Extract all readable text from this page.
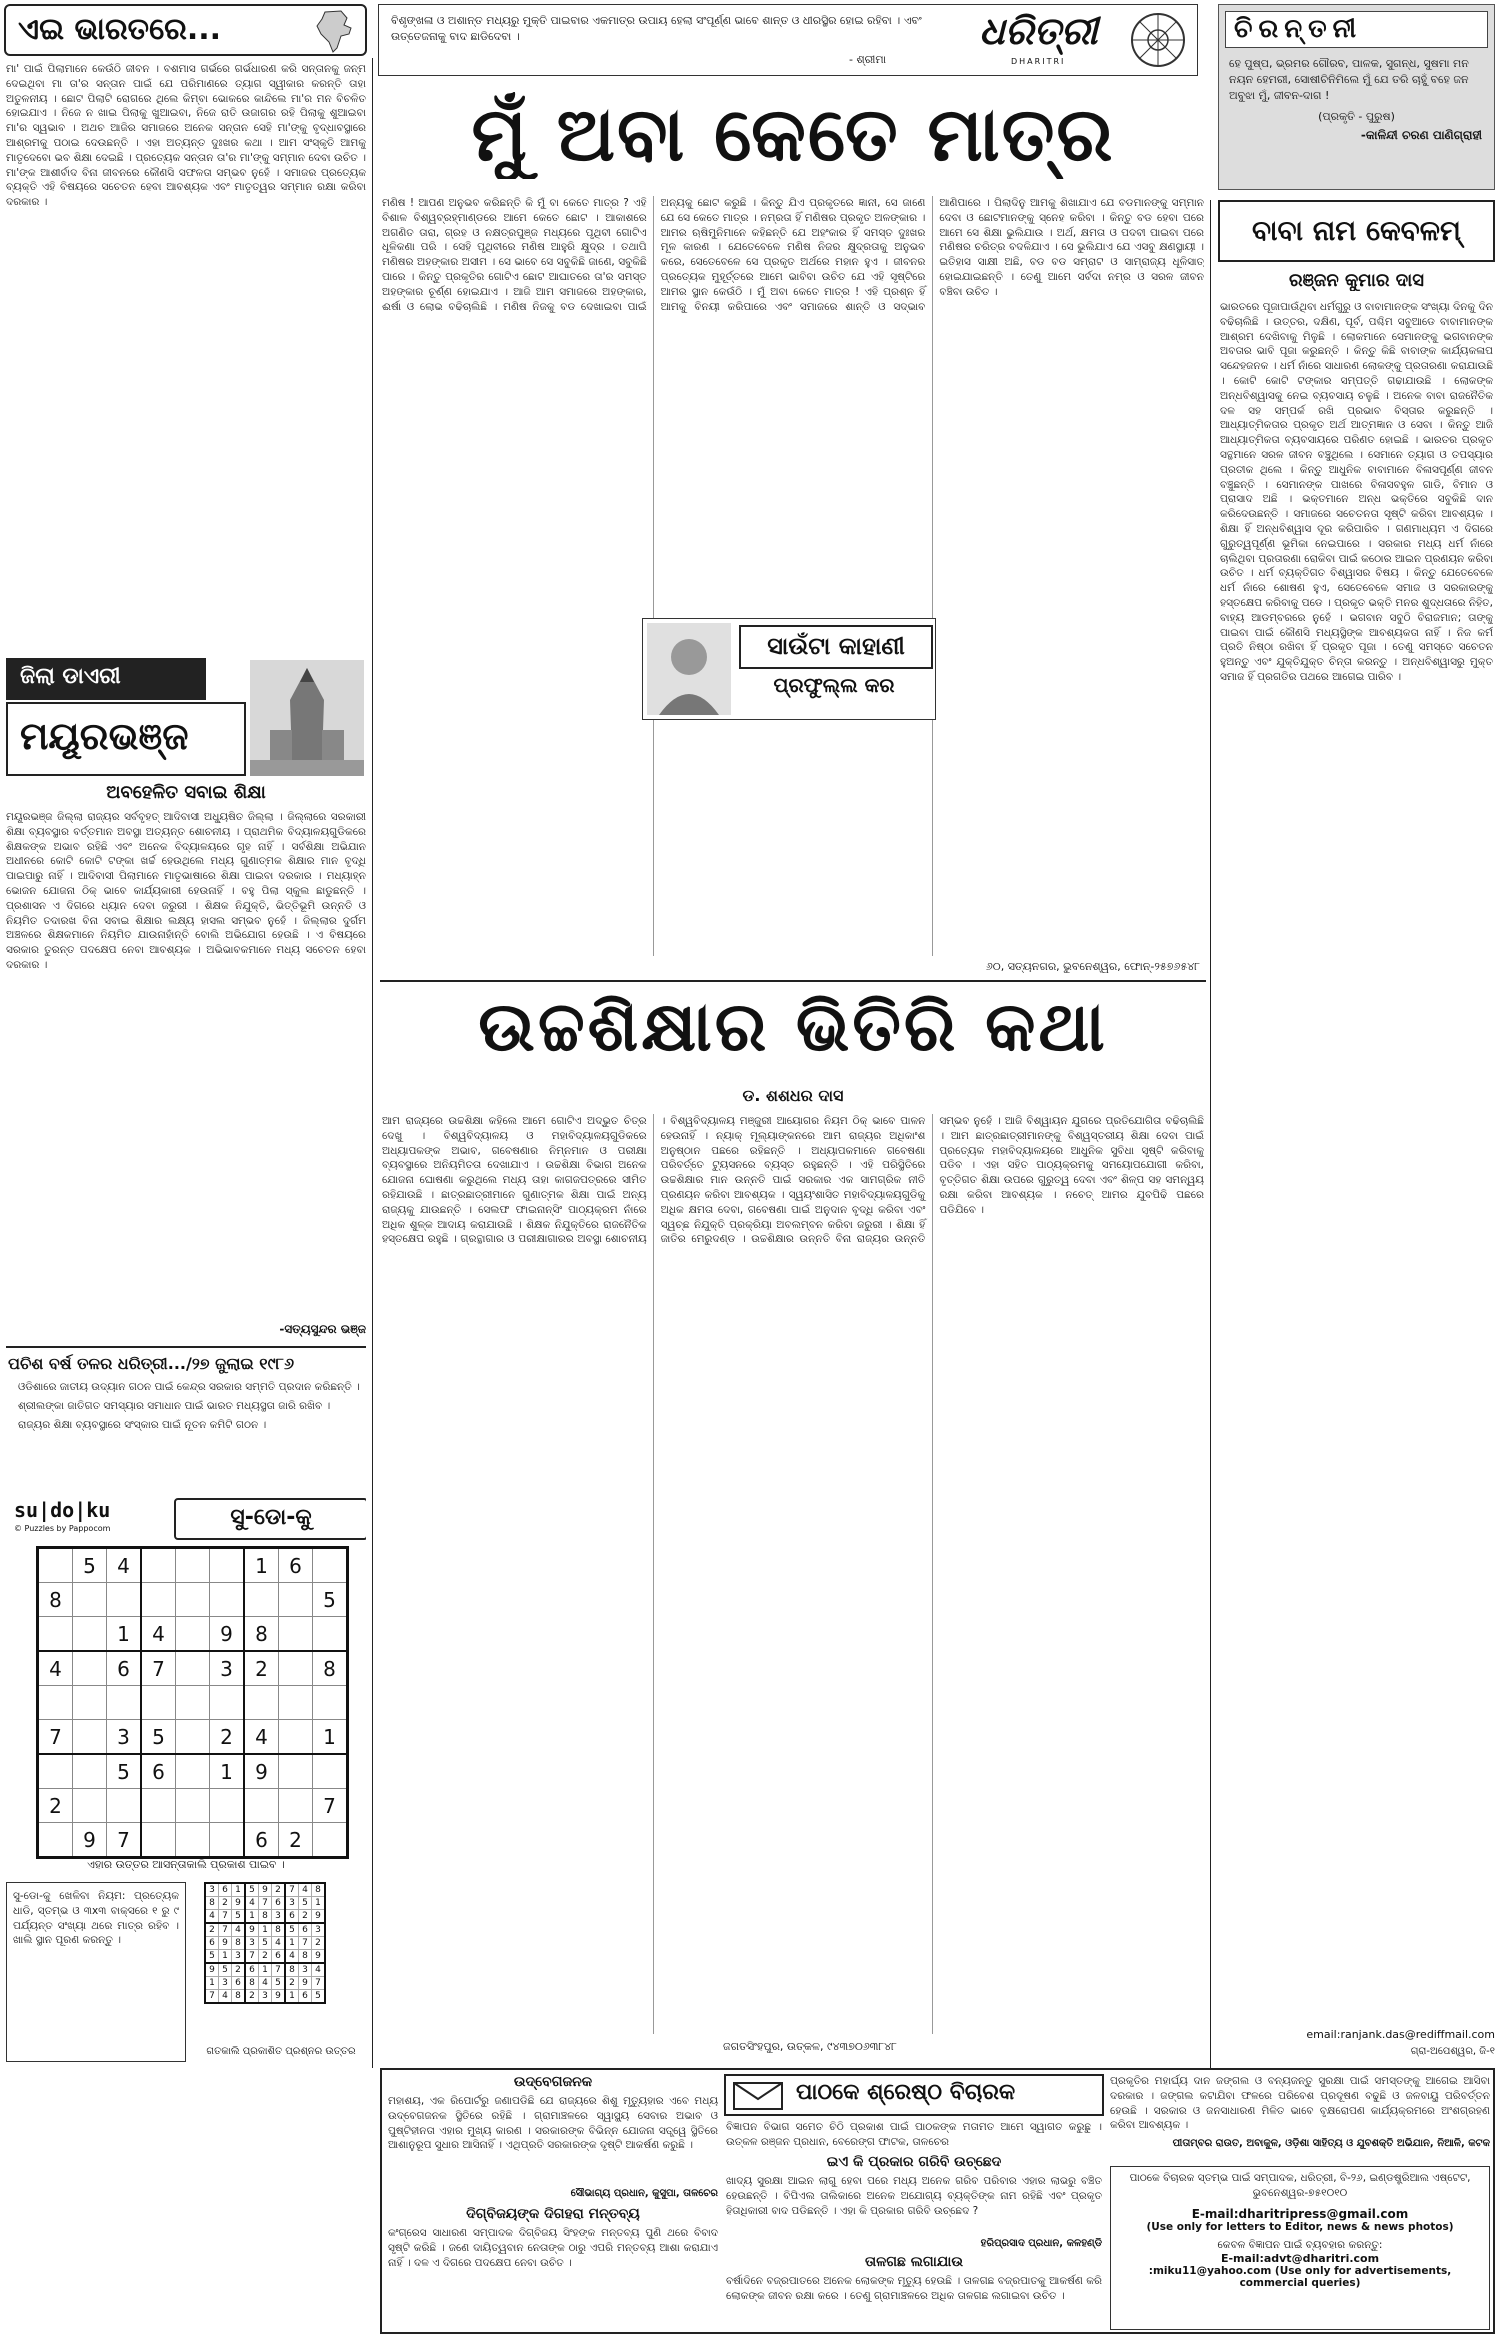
ଏଇ ଭାରତରେ...	ବିଶୃଙ୍ଖଳା ଓ ଅଶାନ୍ତ ମଧ୍ୟରୁ ମୁକ୍ତି ପାଇବାର ଏକମାତ୍ର ଉପାୟ ହେଲା ସଂପୂର୍ଣ୍ଣ ଭାବେ ଶାନ୍ତ ଓ ଧୀରସ୍ଥିର ହୋଇ ରହିବା । ଏବଂ ଉତ୍ତେଜନାକୁ ବାଦ ଛାଡିଦେବା ।
- ଶ୍ରୀମା
ଧରିତ୍ରୀ
DHARITRI
ଚିରନ୍ତନୀ
ହେ ପୁଷ୍ପ, ଭ୍ରମର ଗୌରବ, ପାଳକ, ସୁଗନ୍ଧ, ସୁଷମା ମନ ନୟନ ହେମରୀ, ସୋଷୀଚିନିମିଲେ ମୁଁ ଯେ ତରି ଚାହୁଁ ବହେ ଜନ ଅବୁଝା ମୁଁ, ଜୀବନ-ଦାଗ !
(ପ୍ରକୃତି - ପୁରୁଷ)
-କାଳିନ୍ଦୀ ଚରଣ ପାଣିଗ୍ରାହୀ
ମା' ପାଇଁ ପିଲାମାନେ କେଉଁଠି ଜୀବନ । ବଶମାସ ଗର୍ଭରେ ଗର୍ଭଧାରଣ କରି ସନ୍ତାନକୁ ଜନ୍ମ ଦେଇଥିବା ମା ତା'ର ସନ୍ତାନ ପାଇଁ ଯେ ପରିମାଣରେ ତ୍ୟାଗ ସ୍ୱୀକାର କରନ୍ତି ତାହା ଅତୁଳନୀୟ । ଛୋଟ ପିଲାଟି ରୋଗରେ ଥିଲେ କିମ୍ବା ଭୋକରେ କାନ୍ଦିଲେ ମା'ର ମନ ବିଚଳିତ ହୋଇଯାଏ । ନିଜେ ନ ଖାଇ ପିଲାକୁ ଖୁଆଇବା, ନିଜେ ରାତି ଉଜାଗର ରହି ପିଲାକୁ ଶୁଆଇବା ମା'ର ସ୍ୱଭାବ । ଅଥଚ ଆଜିର ସମାଜରେ ଅନେକ ସନ୍ତାନ ସେହି ମା'ଙ୍କୁ ବୃଦ୍ଧାବସ୍ଥାରେ ଆଶ୍ରମକୁ ପଠାଇ ଦେଉଛନ୍ତି । ଏହା ଅତ୍ୟନ୍ତ ଦୁଃଖର କଥା । ଆମ ସଂସ୍କୃତି ଆମକୁ ମାତୃଦେବୋ ଭବ ଶିକ୍ଷା ଦେଇଛି । ପ୍ରତ୍ୟେକ ସନ୍ତାନ ତା'ର ମା'ଙ୍କୁ ସମ୍ମାନ ଦେବା ଉଚିତ । ମା'ଙ୍କ ଆଶୀର୍ବାଦ ବିନା ଜୀବନରେ କୌଣସି ସଫଳତା ସମ୍ଭବ ନୁହେଁ । ସମାଜର ପ୍ରତ୍ୟେକ ବ୍ୟକ୍ତି ଏହି ବିଷୟରେ ସଚେତନ ହେବା ଆବଶ୍ୟକ ଏବଂ ମାତୃତ୍ୱର ସମ୍ମାନ ରକ୍ଷା କରିବା ଦରକାର ।
ଜିଲା ଡାଏରୀ
ମୟୂରଭଞ୍ଜ
ଅବହେଳିତ ସବାଇ ଶିକ୍ଷା
ମୟୂରଭଞ୍ଜ ଜିଲ୍ଲା ରାଜ୍ୟର ସର୍ବବୃହତ୍ ଆଦିବାସୀ ଅଧ୍ୟୁଷିତ ଜିଲ୍ଲା । ଜିଲ୍ଲାରେ ସରକାରୀ ଶିକ୍ଷା ବ୍ୟବସ୍ଥାର ବର୍ତ୍ତମାନ ଅବସ୍ଥା ଅତ୍ୟନ୍ତ ଶୋଚନୀୟ । ପ୍ରାଥମିକ ବିଦ୍ୟାଳୟଗୁଡିକରେ ଶିକ୍ଷକଙ୍କ ଅଭାବ ରହିଛି ଏବଂ ଅନେକ ବିଦ୍ୟାଳୟରେ ଗୃହ ନାହିଁ । ସର୍ବଶିକ୍ଷା ଅଭିଯାନ ଅଧୀନରେ କୋଟି କୋଟି ଟଙ୍କା ଖର୍ଚ୍ଚ ହେଉଥିଲେ ମଧ୍ୟ ଗୁଣାତ୍ମକ ଶିକ୍ଷାର ମାନ ବୃଦ୍ଧି ପାଇପାରୁ ନାହିଁ । ଆଦିବାସୀ ପିଲାମାନେ ମାତୃଭାଷାରେ ଶିକ୍ଷା ପାଇବା ଦରକାର । ମଧ୍ୟାହ୍ନ ଭୋଜନ ଯୋଜନା ଠିକ୍ ଭାବେ କାର୍ଯ୍ୟକାରୀ ହେଉନାହିଁ । ବହୁ ପିଲା ସ୍କୁଲ ଛାଡୁଛନ୍ତି । ପ୍ରଶାସନ ଏ ଦିଗରେ ଧ୍ୟାନ ଦେବା ଜରୁରୀ । ଶିକ୍ଷକ ନିଯୁକ୍ତି, ଭିତ୍ତିଭୂମି ଉନ୍ନତି ଓ ନିୟମିତ ତଦାରଖ ବିନା ସବାଇ ଶିକ୍ଷାର ଲକ୍ଷ୍ୟ ହାସଲ ସମ୍ଭବ ନୁହେଁ । ଜିଲ୍ଲାର ଦୁର୍ଗମ ଅଞ୍ଚଳରେ ଶିକ୍ଷକମାନେ ନିୟମିତ ଯାଉନାହାଁନ୍ତି ବୋଲି ଅଭିଯୋଗ ହେଉଛି । ଏ ବିଷୟରେ ସରକାର ତୁରନ୍ତ ପଦକ୍ଷେପ ନେବା ଆବଶ୍ୟକ । ଅଭିଭାବକମାନେ ମଧ୍ୟ ସଚେତନ ହେବା ଦରକାର ।
-ସତ୍ୟସୁନ୍ଦର ଭଞ୍ଜ
ପଚିଶ ବର୍ଷ ତଳର ଧରିତ୍ରୀ.../୨୭ ଜୁଲାଇ ୧୯୮୬
ଓଡିଶାରେ ଜାତୀୟ ଉଦ୍ୟାନ ଗଠନ ପାଇଁ କେନ୍ଦ୍ର ସରକାର ସମ୍ମତି ପ୍ରଦାନ କରିଛନ୍ତି ।
ଶ୍ରୀଲଙ୍କା ଜାତିଗତ ସମସ୍ୟାର ସମାଧାନ ପାଇଁ ଭାରତ ମଧ୍ୟସ୍ଥତା ଜାରି ରଖିବ ।
ରାଜ୍ୟର ଶିକ୍ଷା ବ୍ୟବସ୍ଥାରେ ସଂସ୍କାର ପାଇଁ ନୂତନ କମିଟି ଗଠନ ।
su|do|ku
© Puzzles by Pappocom	ସୁ-ଡୋ-କୁ
	5	4				1	6	
8								5
		1	4		9	8		
4		6	7		3	2		8

7		3	5		2	4		1
		5	6		1	9		
2								7
	9	7				6	2	
ଏହାର ଉତ୍ତର ଆସନ୍ତାକାଲି ପ୍ରକାଶ ପାଇବ ।
ସୁ-ଡୋ-କୁ ଖେଳିବା ନିୟମ: ପ୍ରତ୍ୟେକ ଧାଡି, ସ୍ତମ୍ଭ ଓ ୩x୩ ବାକ୍ସରେ ୧ ରୁ ୯ ପର୍ଯ୍ୟନ୍ତ ସଂଖ୍ୟା ଥରେ ମାତ୍ର ରହିବ । ଖାଲି ସ୍ଥାନ ପୂରଣ କରନ୍ତୁ ।
3	6	1	5	9	2	7	4	8
8	2	9	4	7	6	3	5	1
4	7	5	1	8	3	6	2	9
2	7	4	9	1	8	5	6	3
6	9	8	3	5	4	1	7	2
5	1	3	7	2	6	4	8	9
9	5	2	6	1	7	8	3	4
1	3	6	8	4	5	2	9	7
7	4	8	2	3	9	1	6	5
ଗତକାଲି ପ୍ରକାଶିତ ପ୍ରଶ୍ନର ଉତ୍ତର
ମୁଁ ଅବା କେତେ ମାତ୍ର
ମଣିଷ ! ଆପଣ ଅନୁଭବ କରିଛନ୍ତି କି ମୁଁ ବା କେତେ ମାତ୍ର ? ଏହି ବିଶାଳ ବିଶ୍ୱବ୍ରହ୍ମାଣ୍ଡରେ ଆମେ କେତେ ଛୋଟ । ଆକାଶରେ ଅଗଣିତ ତାରା, ଗ୍ରହ ଓ ନକ୍ଷତ୍ରପୁଞ୍ଜ ମଧ୍ୟରେ ପୃଥିବୀ ଗୋଟିଏ ଧୂଳିକଣା ପରି । ସେହି ପୃଥିବୀରେ ମଣିଷ ଆହୁରି କ୍ଷୁଦ୍ର । ତଥାପି ମଣିଷର ଅହଙ୍କାର ଅସୀମ । ସେ ଭାବେ ସେ ସବୁକିଛି ଜାଣେ, ସବୁକିଛି ପାରେ । କିନ୍ତୁ ପ୍ରକୃତିର ଗୋଟିଏ ଛୋଟ ଆଘାତରେ ତା'ର ସମସ୍ତ ଅହଙ୍କାର ଚୂର୍ଣ୍ଣ ହୋଇଯାଏ । ଆଜି ଆମ ସମାଜରେ ଅହଙ୍କାର, ଈର୍ଷା ଓ ଲୋଭ ବଢିଚାଲିଛି । ମଣିଷ ନିଜକୁ ବଡ ଦେଖାଇବା ପାଇଁ ଅନ୍ୟକୁ ଛୋଟ କରୁଛି । କିନ୍ତୁ ଯିଏ ପ୍ରକୃତରେ ଜ୍ଞାନୀ, ସେ ଜାଣେ ଯେ ସେ କେତେ ମାତ୍ର । ନମ୍ରତା ହିଁ ମଣିଷର ପ୍ରକୃତ ଅଳଙ୍କାର । ଆମର ଋଷିମୁନିମାନେ କହିଛନ୍ତି ଯେ ଅହଂକାର ହିଁ ସମସ୍ତ ଦୁଃଖର ମୂଳ କାରଣ । ଯେତେବେଳେ ମଣିଷ ନିଜର କ୍ଷୁଦ୍ରତାକୁ ଅନୁଭବ କରେ, ସେତେବେଳେ ସେ ପ୍ରକୃତ ଅର୍ଥରେ ମହାନ ହୁଏ । ଜୀବନର ପ୍ରତ୍ୟେକ ମୁହୂର୍ତ୍ତରେ ଆମେ ଭାବିବା ଉଚିତ ଯେ ଏହି ସୃଷ୍ଟିରେ ଆମର ସ୍ଥାନ କେଉଁଠି । ମୁଁ ଅବା କେତେ ମାତ୍ର ! ଏହି ପ୍ରଶ୍ନ ହିଁ ଆମକୁ ବିନୟୀ କରିପାରେ ଏବଂ ସମାଜରେ ଶାନ୍ତି ଓ ସଦ୍ଭାବ ଆଣିପାରେ । ପିଲାଦିନୁ ଆମକୁ ଶିଖାଯାଏ ଯେ ବଡମାନଙ୍କୁ ସମ୍ମାନ ଦେବା ଓ ଛୋଟମାନଙ୍କୁ ସ୍ନେହ କରିବା । କିନ୍ତୁ ବଡ ହେବା ପରେ ଆମେ ସେ ଶିକ୍ଷା ଭୁଲିଯାଉ । ଅର୍ଥ, କ୍ଷମତା ଓ ପଦବୀ ପାଇବା ପରେ ମଣିଷର ଚରିତ୍ର ବଦଳିଯାଏ । ସେ ଭୁଲିଯାଏ ଯେ ଏସବୁ କ୍ଷଣସ୍ଥାୟୀ । ଇତିହାସ ସାକ୍ଷୀ ଅଛି, ବଡ ବଡ ସମ୍ରାଟ ଓ ସାମ୍ରାଜ୍ୟ ଧୂଳିସାତ୍ ହୋଇଯାଇଛନ୍ତି । ତେଣୁ ଆମେ ସର୍ବଦା ନମ୍ର ଓ ସରଳ ଜୀବନ ବଞ୍ଚିବା ଉଚିତ ।
ସାଉଁଟା କାହାଣୀ
ପ୍ରଫୁଲ୍ଲ କର
୬୦, ସତ୍ୟନଗର, ଭୁବନେଶ୍ୱର, ଫୋନ୍-୨୫୭୬୫୪୮
ଉଚ୍ଚଶିକ୍ଷାର ଭିତିରି କଥା
ଡ. ଶଶଧର ଦାସ
ଆମ ରାଜ୍ୟରେ ଉଚ୍ଚଶିକ୍ଷା କହିଲେ ଆମେ ଗୋଟିଏ ଅଦ୍ଭୁତ ଚିତ୍ର ଦେଖୁ । ବିଶ୍ୱବିଦ୍ୟାଳୟ ଓ ମହାବିଦ୍ୟାଳୟଗୁଡିକରେ ଅଧ୍ୟାପକଙ୍କ ଅଭାବ, ଗବେଷଣାର ନିମ୍ନମାନ ଓ ପରୀକ୍ଷା ବ୍ୟବସ୍ଥାରେ ଅନିୟମିତତା ଦେଖାଯାଏ । ଉଚ୍ଚଶିକ୍ଷା ବିଭାଗ ଅନେକ ଯୋଜନା ଘୋଷଣା କରୁଥିଲେ ମଧ୍ୟ ତାହା କାଗଜପତ୍ରରେ ସୀମିତ ରହିଯାଉଛି । ଛାତ୍ରଛାତ୍ରୀମାନେ ଗୁଣାତ୍ମକ ଶିକ୍ଷା ପାଇଁ ଅନ୍ୟ ରାଜ୍ୟକୁ ଯାଉଛନ୍ତି । ସେଲଫ ଫାଇନାନ୍ସିଂ ପାଠ୍ୟକ୍ରମ ନାଁରେ ଅଧିକ ଶୁଳ୍କ ଆଦାୟ କରାଯାଉଛି । ଶିକ୍ଷକ ନିଯୁକ୍ତିରେ ରାଜନୈତିକ ହସ୍ତକ୍ଷେପ ରହୁଛି । ଗ୍ରନ୍ଥାଗାର ଓ ପରୀକ୍ଷାଗାରର ଅବସ୍ଥା ଶୋଚନୀୟ । ବିଶ୍ୱବିଦ୍ୟାଳୟ ମଞ୍ଜୁରୀ ଆୟୋଗର ନିୟମ ଠିକ୍ ଭାବେ ପାଳନ ହେଉନାହିଁ । ନ୍ୟାକ୍ ମୂଲ୍ୟାଙ୍କନରେ ଆମ ରାଜ୍ୟର ଅଧିକାଂଶ ଅନୁଷ୍ଠାନ ପଛରେ ରହିଛନ୍ତି । ଅଧ୍ୟାପକମାନେ ଗବେଷଣା ପରିବର୍ତ୍ତେ ଟ୍ୟୁସନରେ ବ୍ୟସ୍ତ ରହୁଛନ୍ତି । ଏହି ପରିସ୍ଥିତିରେ ଉଚ୍ଚଶିକ୍ଷାର ମାନ ଉନ୍ନତି ପାଇଁ ସରକାର ଏକ ସାମଗ୍ରିକ ନୀତି ପ୍ରଣୟନ କରିବା ଆବଶ୍ୟକ । ସ୍ୱୟଂଶାସିତ ମହାବିଦ୍ୟାଳୟଗୁଡିକୁ ଅଧିକ କ୍ଷମତା ଦେବା, ଗବେଷଣା ପାଇଁ ଅନୁଦାନ ବୃଦ୍ଧି କରିବା ଏବଂ ସ୍ୱଚ୍ଛ ନିଯୁକ୍ତି ପ୍ରକ୍ରିୟା ଅବଲମ୍ବନ କରିବା ଜରୁରୀ । ଶିକ୍ଷା ହିଁ ଜାତିର ମେରୁଦଣ୍ଡ । ଉଚ୍ଚଶିକ୍ଷାର ଉନ୍ନତି ବିନା ରାଜ୍ୟର ଉନ୍ନତି ସମ୍ଭବ ନୁହେଁ । ଆଜି ବିଶ୍ୱାୟନ ଯୁଗରେ ପ୍ରତିଯୋଗିତା ବଢିଚାଲିଛି । ଆମ ଛାତ୍ରଛାତ୍ରୀମାନଙ୍କୁ ବିଶ୍ୱସ୍ତରୀୟ ଶିକ୍ଷା ଦେବା ପାଇଁ ପ୍ରତ୍ୟେକ ମହାବିଦ୍ୟାଳୟରେ ଆଧୁନିକ ସୁବିଧା ସୃଷ୍ଟି କରିବାକୁ ପଡିବ । ଏହା ସହିତ ପାଠ୍ୟକ୍ରମକୁ ସମୟୋପଯୋଗୀ କରିବା, ବୃତ୍ତିଗତ ଶିକ୍ଷା ଉପରେ ଗୁରୁତ୍ୱ ଦେବା ଏବଂ ଶିଳ୍ପ ସହ ସମନ୍ୱୟ ରକ୍ଷା କରିବା ଆବଶ୍ୟକ । ନଚେତ୍ ଆମର ଯୁବପିଢି ପଛରେ ପଡିଯିବେ ।
ଜଗତସିଂହପୁର, ଉତ୍କଳ, ୯୪୩୭୦୬୩୮୪୮
ବାବା ନାମ କେବଳମ୍
ରଞ୍ଜନ କୁମାର ଦାସ
ଭାରତରେ ପୂଜାପାଉଁଥିବା ଧର୍ମଗୁରୁ ଓ ବାବାମାନଙ୍କ ସଂଖ୍ୟା ଦିନକୁ ଦିନ ବଢିଚାଲିଛି । ଉତ୍ତର, ଦକ୍ଷିଣ, ପୂର୍ବ, ପଶ୍ଚିମ ସବୁଆଡେ ବାବାମାନଙ୍କ ଆଶ୍ରମ ଦେଖିବାକୁ ମିଳୁଛି । ଲୋକମାନେ ସେମାନଙ୍କୁ ଭଗବାନଙ୍କ ଅବତାର ଭାବି ପୂଜା କରୁଛନ୍ତି । କିନ୍ତୁ କିଛି ବାବାଙ୍କ କାର୍ଯ୍ୟକଳାପ ସନ୍ଦେହଜନକ । ଧର୍ମ ନାଁରେ ସାଧାରଣ ଲୋକଙ୍କୁ ପ୍ରତାରଣା କରାଯାଉଛି । କୋଟି କୋଟି ଟଙ୍କାର ସମ୍ପତ୍ତି ଗଢାଯାଉଛି । ଲୋକଙ୍କ ଅନ୍ଧବିଶ୍ୱାସକୁ ନେଇ ବ୍ୟବସାୟ ଚଳୁଛି । ଅନେକ ବାବା ରାଜନୈତିକ ଦଳ ସହ ସମ୍ପର୍କ ରଖି ପ୍ରଭାବ ବିସ୍ତାର କରୁଛନ୍ତି । ଆଧ୍ୟାତ୍ମିକତାର ପ୍ରକୃତ ଅର୍ଥ ଆତ୍ମଜ୍ଞାନ ଓ ସେବା । କିନ୍ତୁ ଆଜି ଆଧ୍ୟାତ୍ମିକତା ବ୍ୟବସାୟରେ ପରିଣତ ହୋଇଛି । ଭାରତର ପ୍ରକୃତ ସନ୍ଥମାନେ ସରଳ ଜୀବନ ବଞ୍ଚୁଥିଲେ । ସେମାନେ ତ୍ୟାଗ ଓ ତପସ୍ୟାର ପ୍ରତୀକ ଥିଲେ । କିନ୍ତୁ ଆଧୁନିକ ବାବାମାନେ ବିଳାସପୂର୍ଣ୍ଣ ଜୀବନ ବଞ୍ଚୁଛନ୍ତି । ସେମାନଙ୍କ ପାଖରେ ବିଳାସବହୁଳ ଗାଡି, ବିମାନ ଓ ପ୍ରାସାଦ ଅଛି । ଭକ୍ତମାନେ ଅନ୍ଧ ଭକ୍ତିରେ ସବୁକିଛି ଦାନ କରିଦେଉଛନ୍ତି । ସମାଜରେ ସଚେତନତା ସୃଷ୍ଟି କରିବା ଆବଶ୍ୟକ । ଶିକ୍ଷା ହିଁ ଅନ୍ଧବିଶ୍ୱାସ ଦୂର କରିପାରିବ । ଗଣମାଧ୍ୟମ ଏ ଦିଗରେ ଗୁରୁତ୍ୱପୂର୍ଣ୍ଣ ଭୂମିକା ନେଇପାରେ । ସରକାର ମଧ୍ୟ ଧର୍ମ ନାଁରେ ଚାଲିଥିବା ପ୍ରତାରଣା ରୋକିବା ପାଇଁ କଠୋର ଆଇନ ପ୍ରଣୟନ କରିବା ଉଚିତ । ଧର୍ମ ବ୍ୟକ୍ତିଗତ ବିଶ୍ୱାସର ବିଷୟ । କିନ୍ତୁ ଯେତେବେଳେ ଧର୍ମ ନାଁରେ ଶୋଷଣ ହୁଏ, ସେତେବେଳେ ସମାଜ ଓ ସରକାରଙ୍କୁ ହସ୍ତକ୍ଷେପ କରିବାକୁ ପଡେ । ପ୍ରକୃତ ଭକ୍ତି ମନର ଶୁଦ୍ଧତାରେ ନିହିତ, ବାହ୍ୟ ଆଡମ୍ବରରେ ନୁହେଁ । ଭଗବାନ ସବୁଠି ବିରାଜମାନ; ତାଙ୍କୁ ପାଇବା ପାଇଁ କୌଣସି ମଧ୍ୟସ୍ଥିଙ୍କ ଆବଶ୍ୟକତା ନାହିଁ । ନିଜ କର୍ମ ପ୍ରତି ନିଷ୍ଠା ରଖିବା ହିଁ ପ୍ରକୃତ ପୂଜା । ତେଣୁ ସମସ୍ତେ ସଚେତନ ହୁଅନ୍ତୁ ଏବଂ ଯୁକ୍ତିଯୁକ୍ତ ଚିନ୍ତା କରନ୍ତୁ । ଅନ୍ଧବିଶ୍ୱାସରୁ ମୁକ୍ତ ସମାଜ ହିଁ ପ୍ରଗତିର ପଥରେ ଆଗେଇ ପାରିବ ।
email:ranjank.das@rediffmail.com
ଗ୍ରା-ଅପେଶ୍ୱର, ଜି-୧
ଉଦ୍‌ବେଗଜନକ
ମହାଶୟ, ଏକ ରିପୋର୍ଟରୁ ଜଣାପଡିଛି ଯେ ରାଜ୍ୟରେ ଶିଶୁ ମୃତ୍ୟୁହାର ଏବେ ମଧ୍ୟ ଉଦ୍‌ବେଗଜନକ ସ୍ଥିତିରେ ରହିଛି । ଗ୍ରାମାଞ୍ଚଳରେ ସ୍ୱାସ୍ଥ୍ୟ ସେବାର ଅଭାବ ଓ ପୁଷ୍ଟିହୀନତା ଏହାର ମୁଖ୍ୟ କାରଣ । ସରକାରଙ୍କ ବିଭିନ୍ନ ଯୋଜନା ସତ୍ତ୍ୱେ ସ୍ଥିତିରେ ଆଶାନୁରୂପ ସୁଧାର ଆସିନାହିଁ । ଏଥିପ୍ରତି ସରକାରଙ୍କ ଦୃଷ୍ଟି ଆକର୍ଷଣ କରୁଛି ।
ସୌଭାଗ୍ୟ ପ୍ରଧାନ, କୁସୁପା, ତାଳଚେର
ଦିଗ୍‌ବିଜୟଙ୍କ ଦିଗହରା ମନ୍ତବ୍ୟ
କଂଗ୍ରେସ ସାଧାରଣ ସମ୍ପାଦକ ଦିଗ୍‌ବିଜୟ ସିଂହଙ୍କ ମନ୍ତବ୍ୟ ପୁଣି ଥରେ ବିବାଦ ସୃଷ୍ଟି କରିଛି । ଜଣେ ଦାୟିତ୍ୱବାନ ନେତାଙ୍କ ଠାରୁ ଏପରି ମନ୍ତବ୍ୟ ଆଶା କରାଯାଏ ନାହିଁ । ଦଳ ଏ ଦିଗରେ ପଦକ୍ଷେପ ନେବା ଉଚିତ ।
ପାଠକେ ଶ୍ରେଷ୍ଠ ବିଚାରକ
ବିଜ୍ଞାପନ ବିଭାଗ ସମେତ ଚିଠି ପ୍ରକାଶ ପାଇଁ ପାଠକଙ୍କ ମତାମତ ଆମେ ସ୍ୱାଗତ କରୁଛୁ । ଉତ୍କଳ ରଞ୍ଜନ ପ୍ରଧାନ, ବେରେଙ୍ଗ ଫାଟକ, ତାଳଚେର
ଇଏ କି ପ୍ରକାର ଗରିବି ଉଚ୍ଛେଦ
ଖାଦ୍ୟ ସୁରକ୍ଷା ଆଇନ ଲାଗୁ ହେବା ପରେ ମଧ୍ୟ ଅନେକ ଗରିବ ପରିବାର ଏହାର ଲାଭରୁ ବଞ୍ଚିତ ହେଉଛନ୍ତି । ବିପିଏଲ ତାଲିକାରେ ଅନେକ ଅଯୋଗ୍ୟ ବ୍ୟକ୍ତିଙ୍କ ନାମ ରହିଛି ଏବଂ ପ୍ରକୃତ ହିତାଧିକାରୀ ବାଦ ପଡିଛନ୍ତି । ଏହା କି ପ୍ରକାର ଗରିବି ଉଚ୍ଛେଦ ?
ହରିପ୍ରସାଦ ପ୍ରଧାନ, କଳହଣ୍ଡି
ତାଳଗଛ ଲଗାଯାଉ
ବର୍ଷାଦିନେ ବଜ୍ରପାତରେ ଅନେକ ଲୋକଙ୍କ ମୃତ୍ୟୁ ହେଉଛି । ତାଳଗଛ ବଜ୍ରପାତକୁ ଆକର୍ଷଣ କରି ଲୋକଙ୍କ ଜୀବନ ରକ୍ଷା କରେ । ତେଣୁ ଗ୍ରାମାଞ୍ଚଳରେ ଅଧିକ ତାଳଗଛ ଲଗାଇବା ଉଚିତ ।
ପ୍ରକୃତିର ମହାର୍ଘ୍ୟ ଦାନ ଜଙ୍ଗଲ ଓ ବନ୍ୟଜନ୍ତୁ ସୁରକ୍ଷା ପାଇଁ ସମସ୍ତଙ୍କୁ ଆଗେଇ ଆସିବା ଦରକାର । ଜଙ୍ଗଲ କଟାଯିବା ଫଳରେ ପରିବେଶ ପ୍ରଦୂଷଣ ବଢୁଛି ଓ ଜଳବାୟୁ ପରିବର୍ତ୍ତନ ହେଉଛି । ସରକାର ଓ ଜନସାଧାରଣ ମିଳିତ ଭାବେ ବୃକ୍ଷରୋପଣ କାର୍ଯ୍ୟକ୍ରମରେ ଅଂଶଗ୍ରହଣ କରିବା ଆବଶ୍ୟକ ।
ପୀତାମ୍ବର ରାଉତ, ଅବାକୁଳ, ଓଡ଼ିଶା ସାହିତ୍ୟ ଓ ଯୁବଶକ୍ତି ଅଭିଯାନ, ନିଆଳି, କଟକ
ପାଠକେ ବିଚାରକ ସ୍ତମ୍ଭ ପାଇଁ ସମ୍ପାଦକ, ଧରିତ୍ରୀ, ବି-୨୬, ଇଣ୍ଡଷ୍ଟ୍ରିଆଲ ଏଷ୍ଟେଟ, ଭୁବନେଶ୍ୱର-୭୫୧୦୧୦
E-mail:dharitripress@gmail.com
(Use only for letters to Editor, news & news photos)
କେବଳ ବିଜ୍ଞାପନ ପାଇଁ ବ୍ୟବହାର କରନ୍ତୁ:
E-mail:advt@dharitri.com
:miku11@yahoo.com (Use only for advertisements, commercial queries)
